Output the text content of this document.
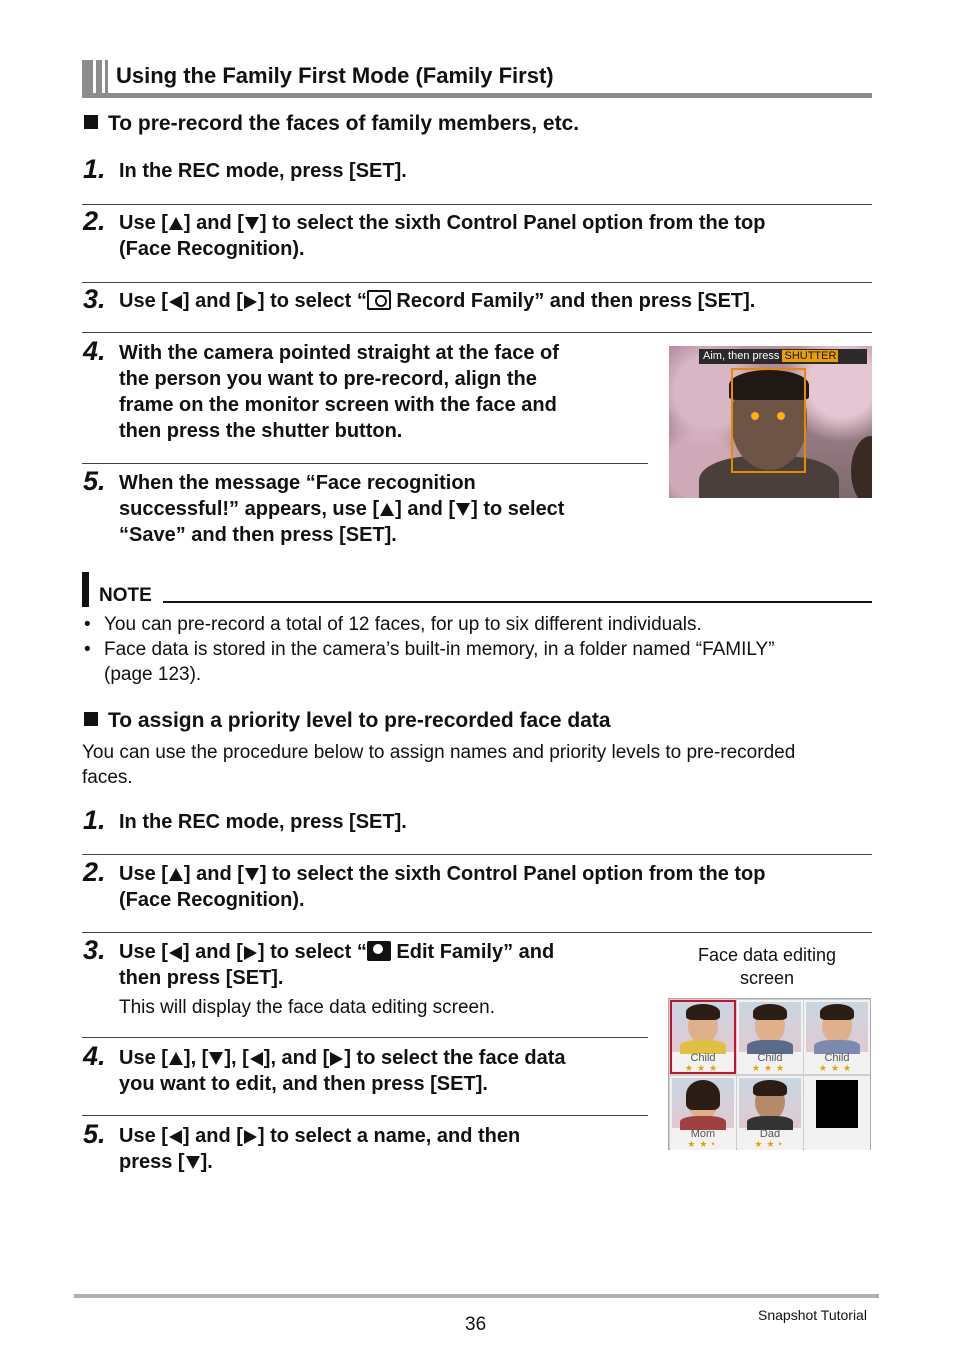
Using the Family First Mode (Family First)
To pre-record the faces of family members, etc.
1. In the REC mode, press [SET].
2. Use [ ] and [ ] to select the sixth Control Panel option from the top
(Face Recognition).
3. Use [ ] and [ ] to select “ Record Family” and then press [SET].
4. With the camera pointed straight at the face of
the person you want to pre-record, align the
frame on the monitor screen with the face and
then press the shutter button.
Aim, then press SHUTTER
5. When the message “Face recognition
successful!” appears, use [ ] and [ ] to select
“Save” and then press [SET].
NOTE
• You can pre-record a total of 12 faces, for up to six different individuals.
• Face data is stored in the camera’s built-in memory, in a folder named “FAMILY”
(page 123).
To assign a priority level to pre-recorded face data
You can use the procedure below to assign names and priority levels to pre-recorded
faces.
1. In the REC mode, press [SET].
2. Use [ ] and [ ] to select the sixth Control Panel option from the top
(Face Recognition).
3. Use [ ] and [ ] to select “ Edit Family” and
then press [SET].
This will display the face data editing screen.
Face data editing
screen
Child
★★★
Child
★★★
Child
★★★
Mom
★★•
Dad
★★•
4. Use [ ], [ ], [ ], and [ ] to select the face data
you want to edit, and then press [SET].
5. Use [ ] and [ ] to select a name, and then
press [ ].
36	Snapshot Tutorial
